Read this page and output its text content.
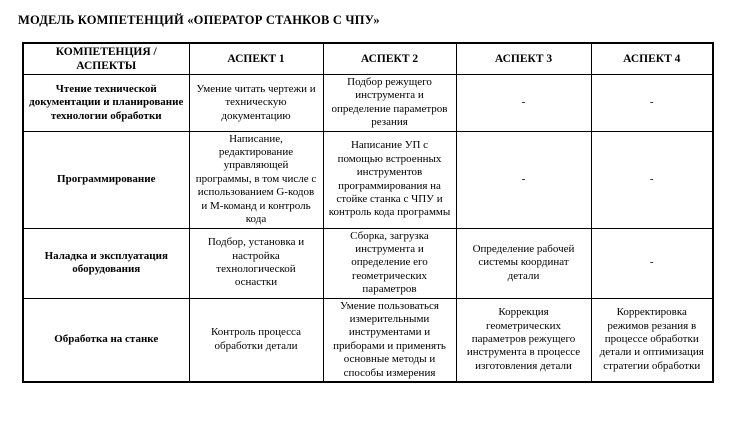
МОДЕЛЬ КОМПЕТЕНЦИЙ «ОПЕРАТОР СТАНКОВ С ЧПУ»
КОМПЕТЕНЦИЯ / АСПЕКТЫ	АСПЕКТ 1	АСПЕКТ 2	АСПЕКТ 3	АСПЕКТ 4
Чтение технической документации и планирование технологии обработки	Умение читать чертежи и техническую документацию	Подбор режущего инструмента и определение параметров резания	-	-
Программирование	Написание, редактирование управляющей программы, в том числе с использованием G-кодов и M-команд и контроль кода	Написание УП с помощью встроенных инструментов программирования на стойке станка с ЧПУ и контроль кода программы	-	-
Наладка и эксплуатация оборудования	Подбор, установка и настройка технологической оснастки	Сборка, загрузка инструмента и определение его геометрических параметров	Определение рабочей системы координат детали	-
Обработка на станке	Контроль процесса обработки детали	Умение пользоваться измерительными инструментами и приборами и применять основные методы и способы измерения	Коррекция геометрических параметров режущего инструмента в процессе изготовления детали	Корректировка режимов резания в процессе обработки детали и оптимизация стратегии обработки
